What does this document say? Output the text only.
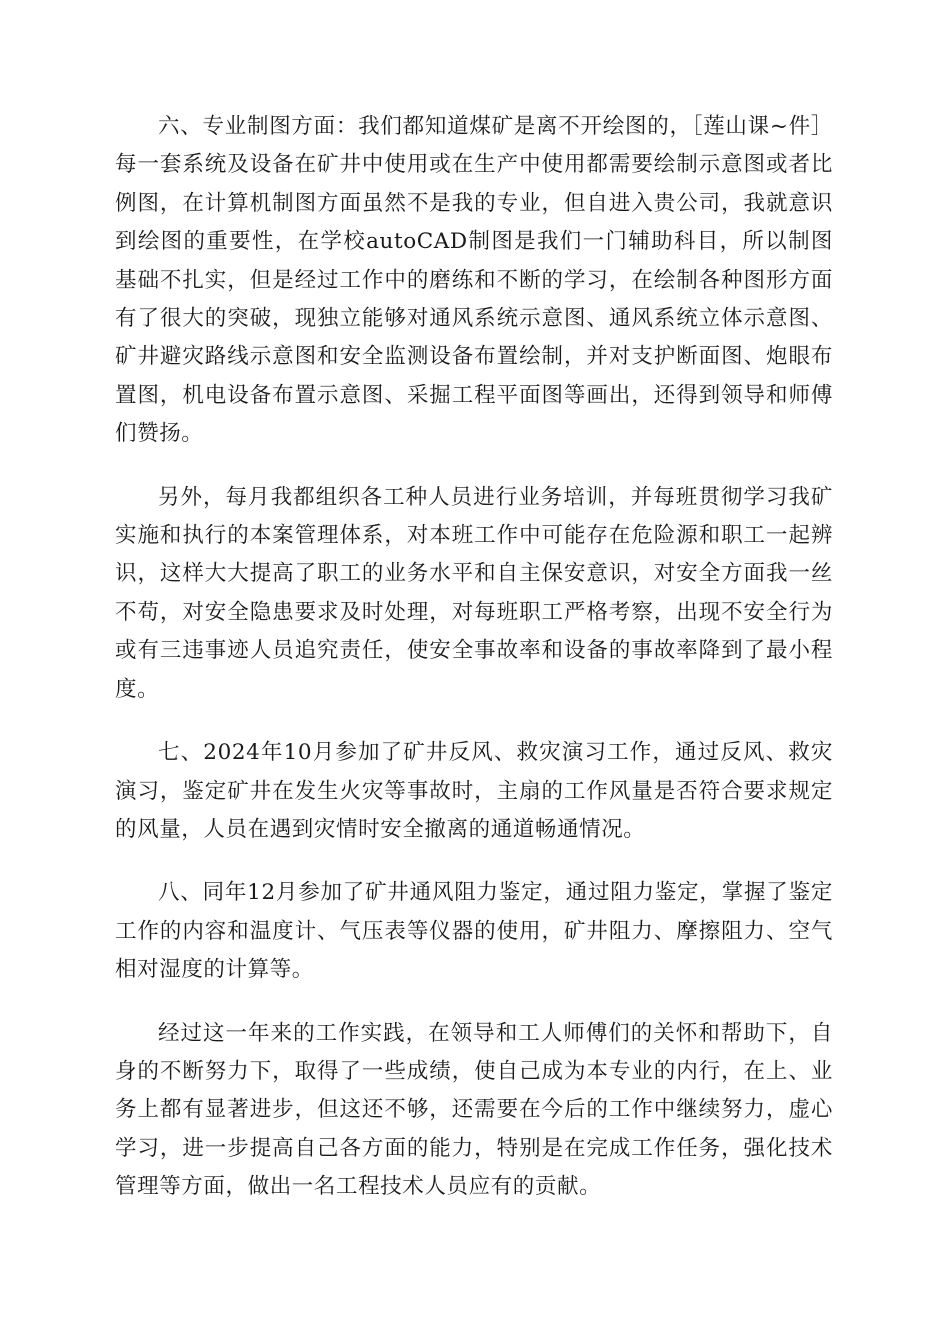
六、专业制图方面：我们都知道煤矿是离不开绘图的，［莲山课~件］每一套系统及设备在矿井中使用或在生产中使用都需要绘制示意图或者比例图，在计算机制图方面虽然不是我的专业，但自进入贵公司，我就意识到绘图的重要性，在学校autoCAD制图是我们一门辅助科目，所以制图基础不扎实，但是经过工作中的磨练和不断的学习，在绘制各种图形方面有了很大的突破，现独立能够对通风系统示意图、通风系统立体示意图、矿井避灾路线示意图和安全监测设备布置绘制，并对支护断面图、炮眼布置图，机电设备布置示意图、采掘工程平面图等画出，还得到领导和师傅们赞扬。

另外，每月我都组织各工种人员进行业务培训，并每班贯彻学习我矿实施和执行的本案管理体系，对本班工作中可能存在危险源和职工一起辨识，这样大大提高了职工的业务水平和自主保安意识，对安全方面我一丝不苟，对安全隐患要求及时处理，对每班职工严格考察，出现不安全行为或有三违事迹人员追究责任，使安全事故率和设备的事故率降到了最小程度。

七、2024年10月参加了矿井反风、救灾演习工作，通过反风、救灾演习，鉴定矿井在发生火灾等事故时，主扇的工作风量是否符合要求规定的风量，人员在遇到灾情时安全撤离的通道畅通情况。

八、同年12月参加了矿井通风阻力鉴定，通过阻力鉴定，掌握了鉴定工作的内容和温度计、气压表等仪器的使用，矿井阻力、摩擦阻力、空气相对湿度的计算等。

经过这一年来的工作实践，在领导和工人师傅们的关怀和帮助下，自身的不断努力下，取得了一些成绩，使自己成为本专业的内行，在上、业务上都有显著进步，但这还不够，还需要在今后的工作中继续努力，虚心学习，进一步提高自己各方面的能力，特别是在完成工作任务，强化技术管理等方面，做出一名工程技术人员应有的贡献。
